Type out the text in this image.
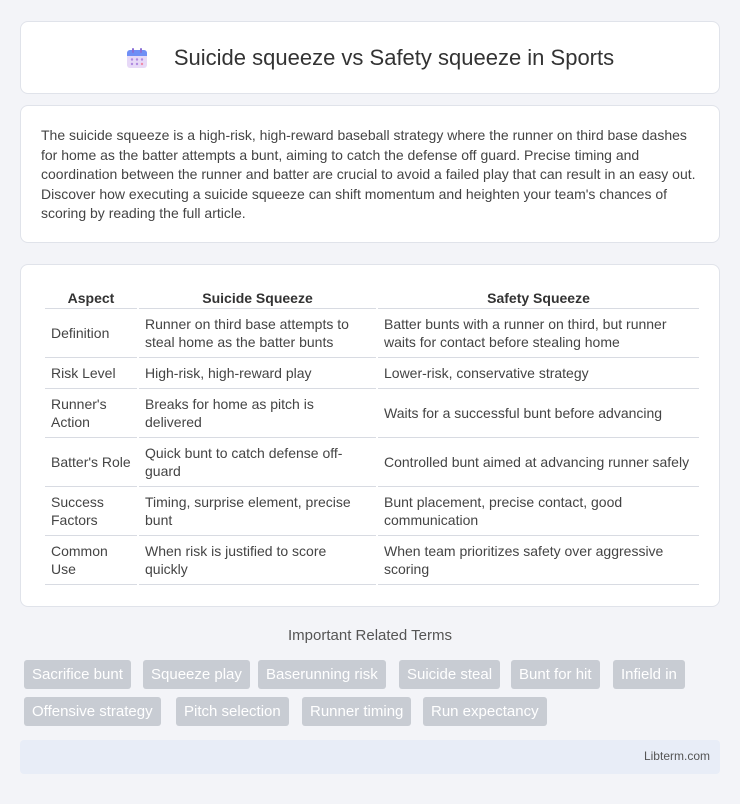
Suicide squeeze vs Safety squeeze in Sports

The suicide squeeze is a high-risk, high-reward baseball strategy where the runner on third base dashes for home as the batter attempts a bunt, aiming to catch the defense off guard. Precise timing and coordination between the runner and batter are crucial to avoid a failed play that can result in an easy out. Discover how executing a suicide squeeze can shift momentum and heighten your team's chances of scoring by reading the full article.

Aspect	Suicide Squeeze	Safety Squeeze
Definition	Runner on third base attempts to steal home as the batter bunts	Batter bunts with a runner on third, but runner waits for contact before stealing home
Risk Level	High-risk, high-reward play	Lower-risk, conservative strategy
Runner's Action	Breaks for home as pitch is delivered	Waits for a successful bunt before advancing
Batter's Role	Quick bunt to catch defense off-guard	Controlled bunt aimed at advancing runner safely
Success Factors	Timing, surprise element, precise bunt	Bunt placement, precise contact, good communication
Common Use	When risk is justified to score quickly	When team prioritizes safety over aggressive scoring
Important Related Terms
Sacrifice bunt	Squeeze play	Baserunning risk	Suicide steal	Bunt for hit	Infield in
Offensive strategy	Pitch selection	Runner timing	Run expectancy
Libterm.com
